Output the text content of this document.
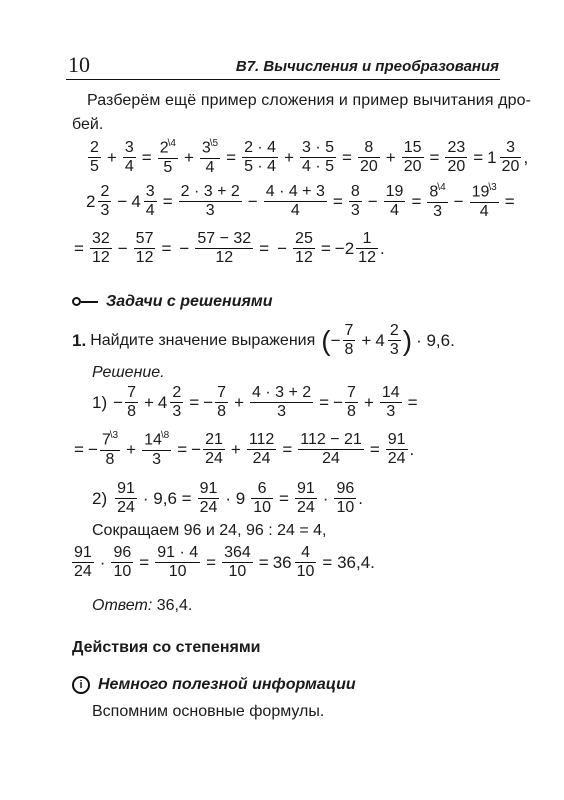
10	В7. Вычисления и преобразования
Разберём ещё пример сложения и пример вычитания дро-
бей.
$\frac{2}{5} + \frac{3}{4} = \frac{2^{\backslash 4}}{5} + \frac{3^{\backslash 5}}{4} = \frac{2 \cdot 4}{5 \cdot 4} + \frac{3 \cdot 5}{4 \cdot 5} = \frac{8}{20} + \frac{15}{20} = \frac{23}{20} = 1 \frac{3}{20}$ ,
$2 \frac{2}{3} - 4 \frac{3}{4} = \frac{2 \cdot 3 + 2}{3} - \frac{4 \cdot 4 + 3}{4} = \frac{8}{3} - \frac{19}{4} = \frac{8^{\backslash 4}}{3} - \frac{19^{\backslash 3}}{4}$ =
= $\frac{32}{12} - \frac{57}{12}$ = − $\frac{57 - 32}{12}$ = − $\frac{25}{12} = -2 \frac{1}{12}$ .
Задачи с решениями
1. Найдите значение выражения ( − $\frac{7}{8} + 4 \frac{2}{3}$ ) · 9,6.
Решение.
$1) - \frac{7}{8} + 4 \frac{2}{3}$ = − $\frac{7}{8} + \frac{4 \cdot 3 + 2}{3}$ = − $\frac{7}{8} + \frac{14}{3}$ =
= − $\frac{7^{\backslash 3}}{8} + \frac{14^{\backslash 8}}{3}$ = − $\frac{21}{24} + \frac{112}{24} = \frac{112 - 21}{24} = \frac{91}{24}$ .
$2) \frac{91}{24} \cdot 9,6 = \frac{91}{24} \cdot 9 \frac{6}{10} = \frac{91}{24} \cdot \frac{96}{10}$ .
Сокращаем 96 и 24, 96 : 24 = 4,
$\frac{91}{24} \cdot \frac{96}{10} = \frac{91 \cdot 4}{10} = \frac{364}{10} = 36 \frac{4}{10} = 36,4$.
Ответ: 36,4.
Действия со степенями
i Немного полезной информации
Вспомним основные формулы.
